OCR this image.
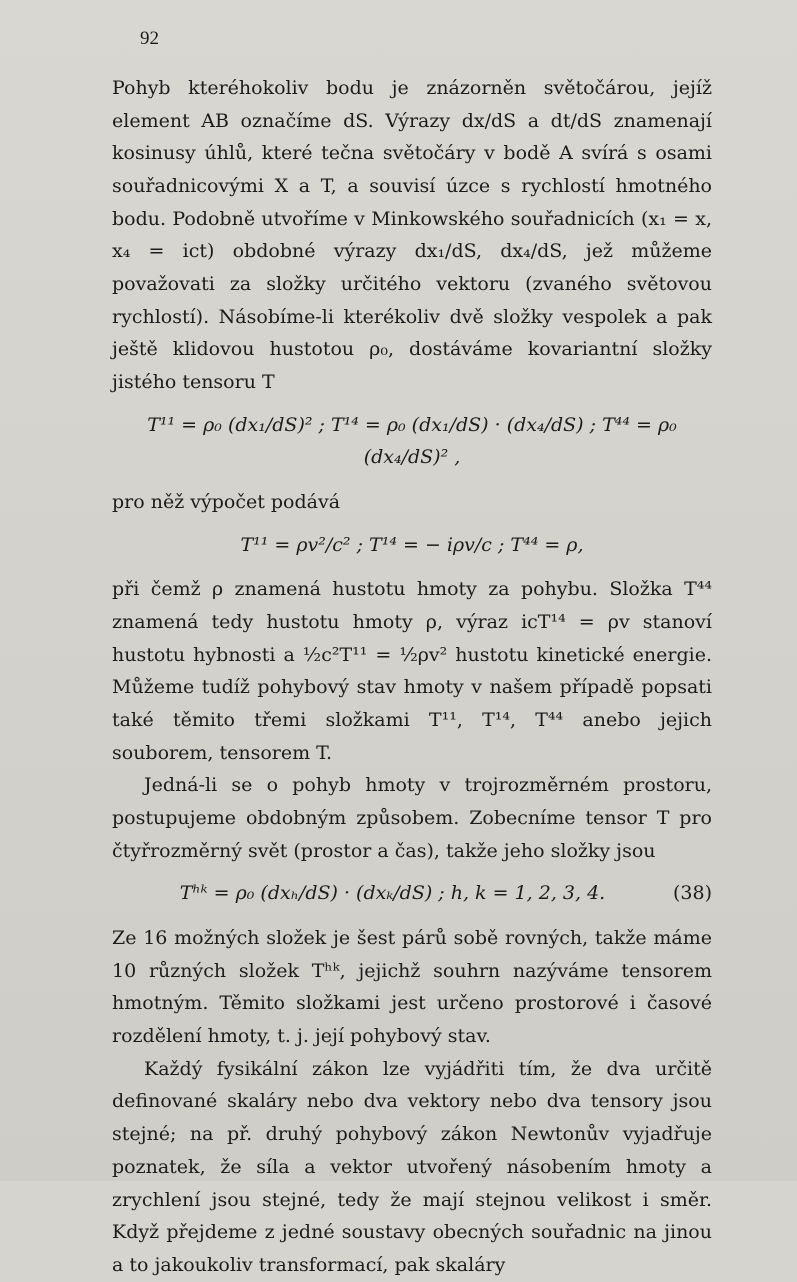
92

Pohyb kteréhokoliv bodu je znázorněn světočárou, jejíž element AB označíme dS. Výrazy dx/dS a dt/dS znamenají kosinusy úhlů, které tečna světočáry v bodě A svírá s osami souřadnicovými X a T, a souvisí úzce s rychlostí hmotného bodu. Podobně utvoříme v Minkowského souřadnicích (x₁ = x, x₄ = ict) obdobné výrazy dx₁/dS, dx₄/dS, jež můžeme považovati za složky určitého vektoru (zvaného světovou rychlostí). Násobíme-li kterékoliv dvě složky vespolek a pak ještě klidovou hustotou ρ₀, dostáváme kovariantní složky jistého tensoru T

T¹¹ = ρ₀ (dx₁/dS)² ; T¹⁴ = ρ₀ (dx₁/dS) · (dx₄/dS) ; T⁴⁴ = ρ₀ (dx₄/dS)² ,

pro něž výpočet podává

T¹¹ = ρv²/c² ; T¹⁴ = − iρv/c ; T⁴⁴ = ρ,

při čemž ρ znamená hustotu hmoty za pohybu. Složka T⁴⁴ znamená tedy hustotu hmoty ρ, výraz icT¹⁴ = ρv stanoví hustotu hybnosti a ½c²T¹¹ = ½ρv² hustotu kinetické energie. Můžeme tudíž pohybový stav hmoty v našem případě popsati také těmito třemi složkami T¹¹, T¹⁴, T⁴⁴ anebo jejich souborem, tensorem T.

Jedná-li se o pohyb hmoty v trojrozměrném prostoru, postupujeme obdobným způsobem. Zobecníme tensor T pro čtyřrozměrný svět (prostor a čas), takže jeho složky jsou

Tʰᵏ = ρ₀ (dxₕ/dS) · (dxₖ/dS) ; h, k = 1, 2, 3, 4.	(38)

Ze 16 možných složek je šest párů sobě rovných, takže máme 10 různých složek Tʰᵏ, jejichž souhrn nazýváme tensorem hmotným. Těmito složkami jest určeno prostorové i časové rozdělení hmoty, t. j. její pohybový stav.

Každý fysikální zákon lze vyjádřiti tím, že dva určitě definované skaláry nebo dva vektory nebo dva tensory jsou stejné; na př. druhý pohybový zákon Newtonův vyjadřuje poznatek, že síla a vektor utvořený násobením hmoty a zrychlení jsou stejné, tedy že mají stejnou velikost i směr. Když přejdeme z jedné soustavy obecných souřadnic na jinou a to jakoukoliv transformací, pak skaláry
